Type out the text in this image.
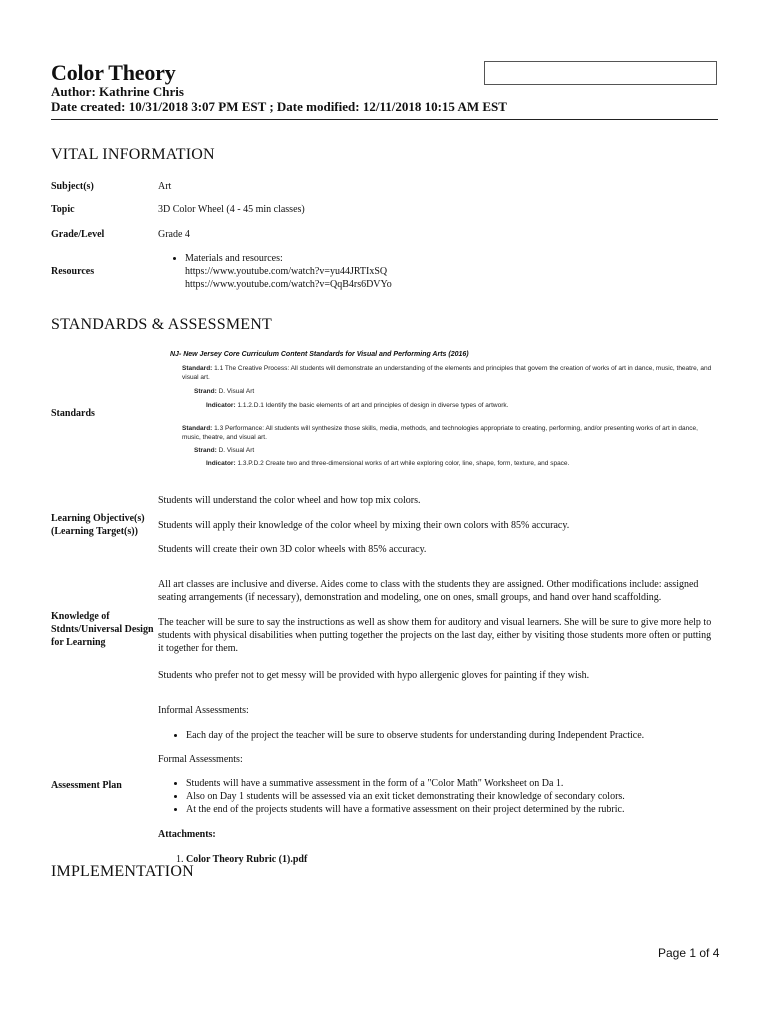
Color Theory
Author: Kathrine Chris
Date created: 10/31/2018 3:07 PM EST ; Date modified: 12/11/2018 10:15 AM EST
VITAL INFORMATION
Subject(s)	Art
Topic	3D Color Wheel (4 - 45 min classes)
Grade/Level	Grade 4
Resources
• Materials and resources:
https://www.youtube.com/watch?v=yu44JRTIxSQ
https://www.youtube.com/watch?v=QqB4rs6DVYo
STANDARDS & ASSESSMENT
NJ- New Jersey Core Curriculum Content Standards for Visual and Performing Arts (2016)
Standard: 1.1 The Creative Process: All students will demonstrate an understanding of the elements and principles that govern the creation of works of art in dance, music, theatre, and visual art.
Strand: D. Visual Art
Indicator: 1.1.2.D.1 Identify the basic elements of art and principles of design in diverse types of artwork.
Standards
Standard: 1.3 Performance: All students will synthesize those skills, media, methods, and technologies appropriate to creating, performing, and/or presenting works of art in dance, music, theatre, and visual art.
Strand: D. Visual Art
Indicator: 1.3.P.D.2 Create two and three-dimensional works of art while exploring color, line, shape, form, texture, and space.
Learning Objective(s)
(Learning Target(s))
Students will understand the color wheel and how top mix colors.
Students will apply their knowledge of the color wheel by mixing their own colors with 85% accuracy.
Students will create their own 3D color wheels with 85% accuracy.
Knowledge of
Stdnts/Universal Design
for Learning
All art classes are inclusive and diverse. Aides come to class with the students they are assigned. Other modifications include: assigned seating arrangements (if necessary), demonstration and modeling, one on ones, small groups, and hand over hand scaffolding.
The teacher will be sure to say the instructions as well as show them for auditory and visual learners. She will be sure to give more help to students with physical disabilities when putting together the projects on the last day, either by visiting those students more often or putting it together for them.
Students who prefer not to get messy will be provided with hypo allergenic gloves for painting if they wish.
Informal Assessments:
• Each day of the project the teacher will be sure to observe students for understanding during Independent Practice.
Formal Assessments:
Assessment Plan
•	Students will have a summative assessment in the form of a "Color Math" Worksheet on Da 1.
• Also on Day 1 students will be assessed via an exit ticket demonstrating their knowledge of secondary colors.
• At the end of the projects students will have a formative assessment on their project determined by the rubric.
Attachments:
1. Color Theory Rubric (1).pdf
IMPLEMENTATION
Page 1 of 4
